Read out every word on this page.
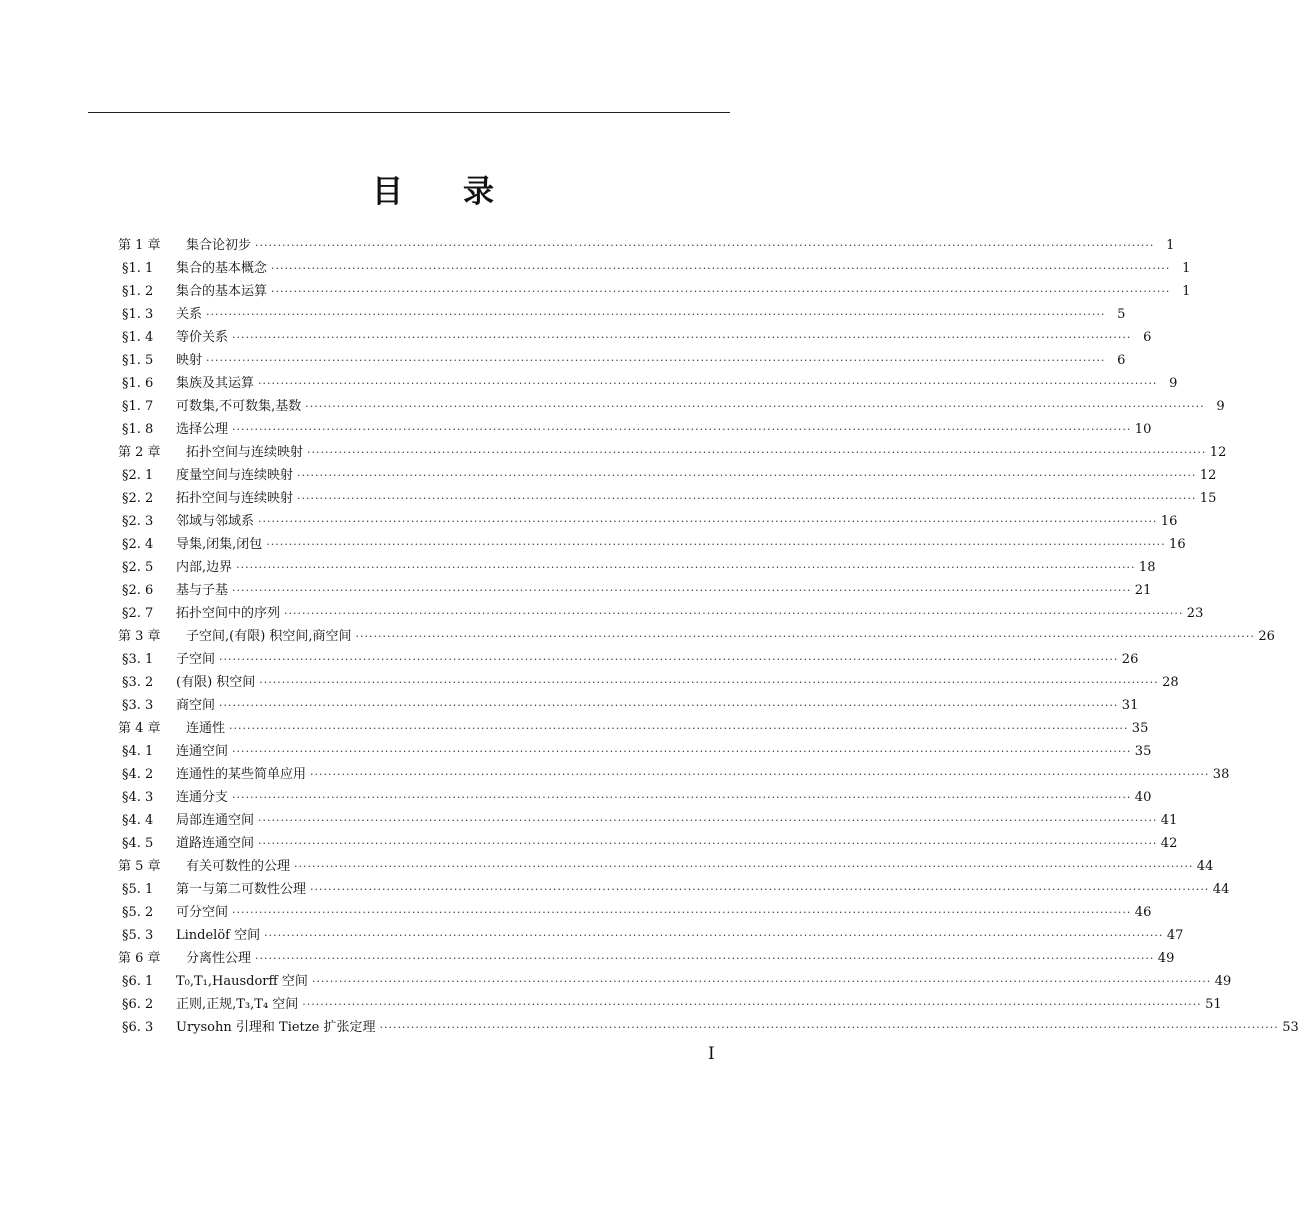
目 录
第 1 章	集合论初步 ········································································································································································································ 1
§1. 1	集合的基本概念 ········································································································································································································ 1
§1. 2	集合的基本运算 ········································································································································································································ 1
§1. 3	关系 ········································································································································································································ 5
§1. 4	等价关系 ········································································································································································································ 6
§1. 5	映射 ········································································································································································································ 6
§1. 6	集族及其运算 ········································································································································································································ 9
§1. 7	可数集,不可数集,基数 ········································································································································································································ 9
§1. 8	选择公理 ········································································································································································································ 10
第 2 章	拓扑空间与连续映射 ········································································································································································································ 12
§2. 1	度量空间与连续映射 ········································································································································································································ 12
§2. 2	拓扑空间与连续映射 ········································································································································································································ 15
§2. 3	邻域与邻域系 ········································································································································································································ 16
§2. 4	导集,闭集,闭包 ········································································································································································································ 16
§2. 5	内部,边界 ········································································································································································································ 18
§2. 6	基与子基 ········································································································································································································ 21
§2. 7	拓扑空间中的序列 ········································································································································································································ 23
第 3 章	子空间,(有限) 积空间,商空间 ········································································································································································································ 26
§3. 1	子空间 ········································································································································································································ 26
§3. 2	(有限) 积空间 ········································································································································································································ 28
§3. 3	商空间 ········································································································································································································ 31
第 4 章	连通性 ········································································································································································································ 35
§4. 1	连通空间 ········································································································································································································ 35
§4. 2	连通性的某些简单应用 ········································································································································································································ 38
§4. 3	连通分支 ········································································································································································································ 40
§4. 4	局部连通空间 ········································································································································································································ 41
§4. 5	道路连通空间 ········································································································································································································ 42
第 5 章	有关可数性的公理 ········································································································································································································ 44
§5. 1	第一与第二可数性公理 ········································································································································································································ 44
§5. 2	可分空间 ········································································································································································································ 46
§5. 3	Lindelöf 空间 ········································································································································································································ 47
第 6 章	分离性公理 ········································································································································································································ 49
§6. 1	T₀,T₁,Hausdorff 空间 ········································································································································································································ 49
§6. 2	正则,正规,T₃,T₄ 空间 ········································································································································································································ 51
§6. 3	Urysohn 引理和 Tietze 扩张定理 ········································································································································································································ 53
I
